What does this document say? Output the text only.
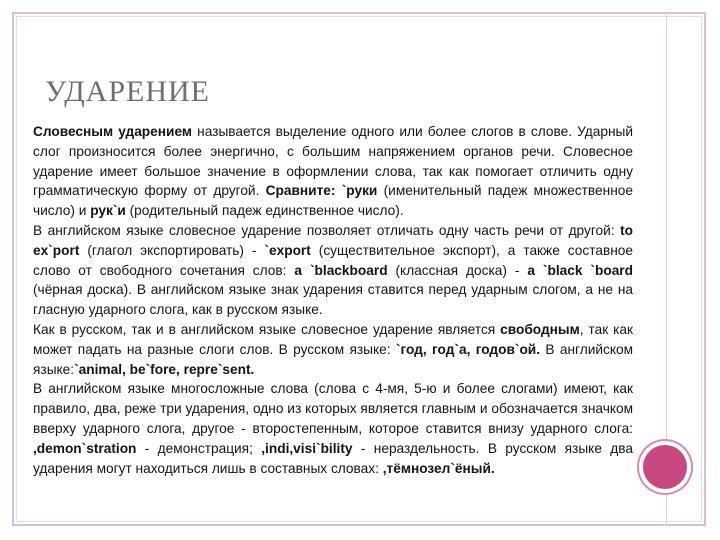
УДАРЕНИЕ

Словесным ударением называется выделение одного или более слогов в слове. Ударный слог произносится более энергично, с большим напряжением органов речи. Словесное ударение имеет большое значение в оформлении слова, так как помогает отличить одну грамматическую форму от другой. Сравните: `руки (именительный падеж множественное число) и рук`и (родительный падеж единственное число).

В английском языке словесное ударение позволяет отличать одну часть речи от другой: to ex`port (глагол экспортировать) - `export (существительное экспорт), а также составное слово от свободного сочетания слов: a `blackboard (классная доска) - a `black `board (чёрная доска). В английском языке знак ударения ставится перед ударным слогом, а не на гласную ударного слога, как в русском языке.

Как в русском, так и в английском языке словесное ударение является свободным, так как может падать на разные слоги слов. В русском языке: `год, год`а, годов`ой. В английском языке:`animal, be`fore, repre`sent.

В английском языке многосложные слова (слова с 4-мя, 5-ю и более слогами) имеют, как правило, два, реже три ударения, одно из которых является главным и обозначается значком вверху ударного слога, другое - второстепенным, которое ставится внизу ударного слога: ,demon`stration - демонстрация; ,indi,visi`bility - нераздельность. В русском языке два ударения могут находиться лишь в составных словах: ,тёмнозел`ёный.
